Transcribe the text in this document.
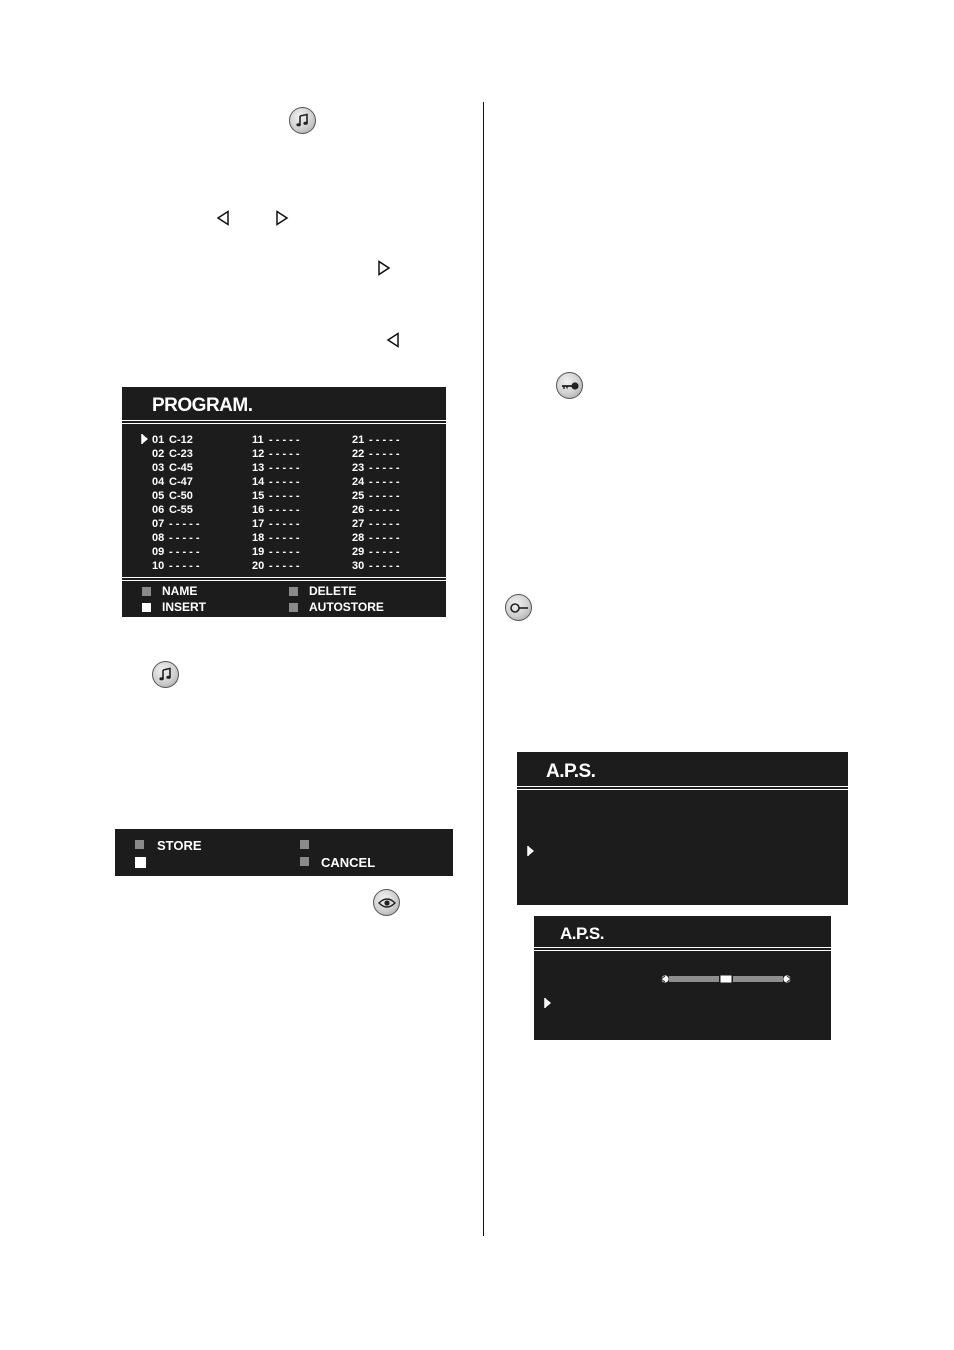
PROGRAM.
01 C-12
02 C-23
03 C-45
04 C-47
05 C-50
06 C-55
07 - - - - -
08 - - - - -
09 - - - - -
10 - - - - -
11 - - - - -
12 - - - - -
13 - - - - -
14 - - - - -
15 - - - - -
16 - - - - -
17 - - - - -
18 - - - - -
19 - - - - -
20 - - - - -
21 - - - - -
22 - - - - -
23 - - - - -
24 - - - - -
25 - - - - -
26 - - - - -
27 - - - - -
28 - - - - -
29 - - - - -
30 - - - - -
NAME	DELETE
INSERT	AUTOSTORE
STORE
CANCEL
A.P.S.
A.P.S.
